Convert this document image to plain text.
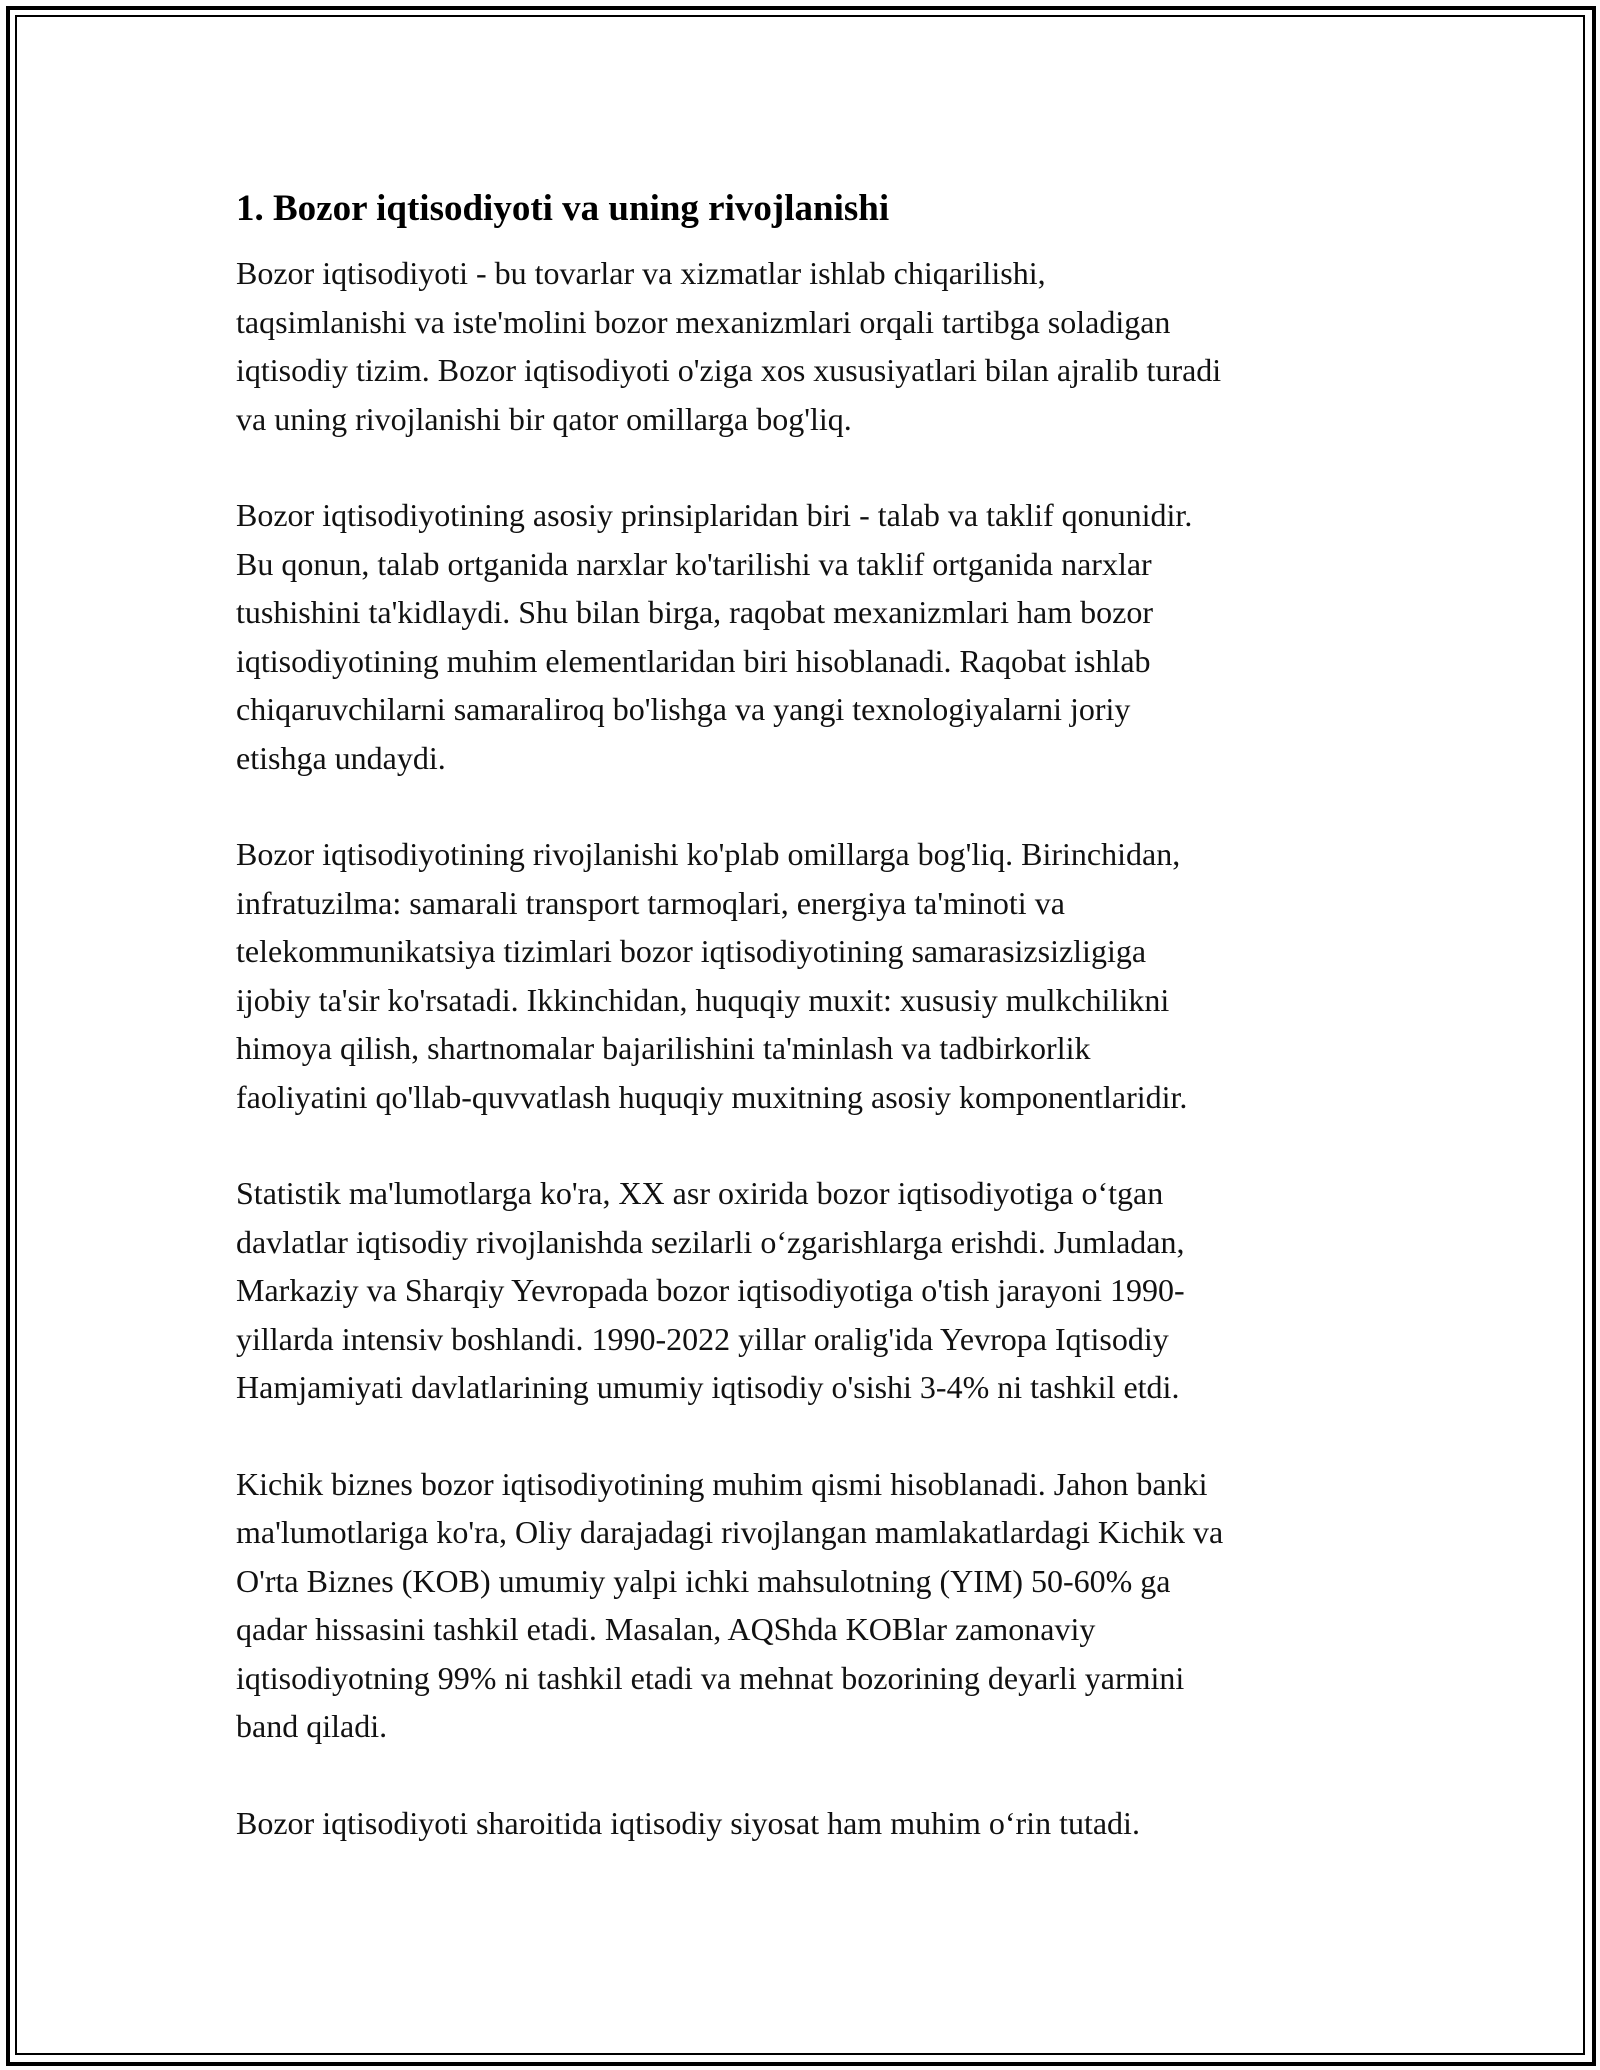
1. Bozor iqtisodiyoti va uning rivojlanishi

Bozor iqtisodiyoti - bu tovarlar va xizmatlar ishlab chiqarilishi,
taqsimlanishi va iste'molini bozor mexanizmlari orqali tartibga soladigan
iqtisodiy tizim. Bozor iqtisodiyoti o'ziga xos xususiyatlari bilan ajralib turadi
va uning rivojlanishi bir qator omillarga bog'liq.

Bozor iqtisodiyotining asosiy prinsiplaridan biri - talab va taklif qonunidir.
Bu qonun, talab ortganida narxlar ko'tarilishi va taklif ortganida narxlar
tushishini ta'kidlaydi. Shu bilan birga, raqobat mexanizmlari ham bozor
iqtisodiyotining muhim elementlaridan biri hisoblanadi. Raqobat ishlab
chiqaruvchilarni samaraliroq bo'lishga va yangi texnologiyalarni joriy
etishga undaydi.

Bozor iqtisodiyotining rivojlanishi ko'plab omillarga bog'liq. Birinchidan,
infratuzilma: samarali transport tarmoqlari, energiya ta'minoti va
telekommunikatsiya tizimlari bozor iqtisodiyotining samarasizsizligiga
ijobiy ta'sir ko'rsatadi. Ikkinchidan, huquqiy muxit: xususiy mulkchilikni
himoya qilish, shartnomalar bajarilishini ta'minlash va tadbirkorlik
faoliyatini qo'llab-quvvatlash huquqiy muxitning asosiy komponentlaridir.

Statistik ma'lumotlarga ko'ra, XX asr oxirida bozor iqtisodiyotiga o‘tgan
davlatlar iqtisodiy rivojlanishda sezilarli o‘zgarishlarga erishdi. Jumladan,
Markaziy va Sharqiy Yevropada bozor iqtisodiyotiga o'tish jarayoni 1990-
yillarda intensiv boshlandi. 1990-2022 yillar oralig'ida Yevropa Iqtisodiy
Hamjamiyati davlatlarining umumiy iqtisodiy o'sishi 3-4% ni tashkil etdi.

Kichik biznes bozor iqtisodiyotining muhim qismi hisoblanadi. Jahon banki
ma'lumotlariga ko'ra, Oliy darajadagi rivojlangan mamlakatlardagi Kichik va
O'rta Biznes (KOB) umumiy yalpi ichki mahsulotning (YIM) 50-60% ga
qadar hissasini tashkil etadi. Masalan, AQShda KOBlar zamonaviy
iqtisodiyotning 99% ni tashkil etadi va mehnat bozorining deyarli yarmini
band qiladi.

Bozor iqtisodiyoti sharoitida iqtisodiy siyosat ham muhim o‘rin tutadi.
